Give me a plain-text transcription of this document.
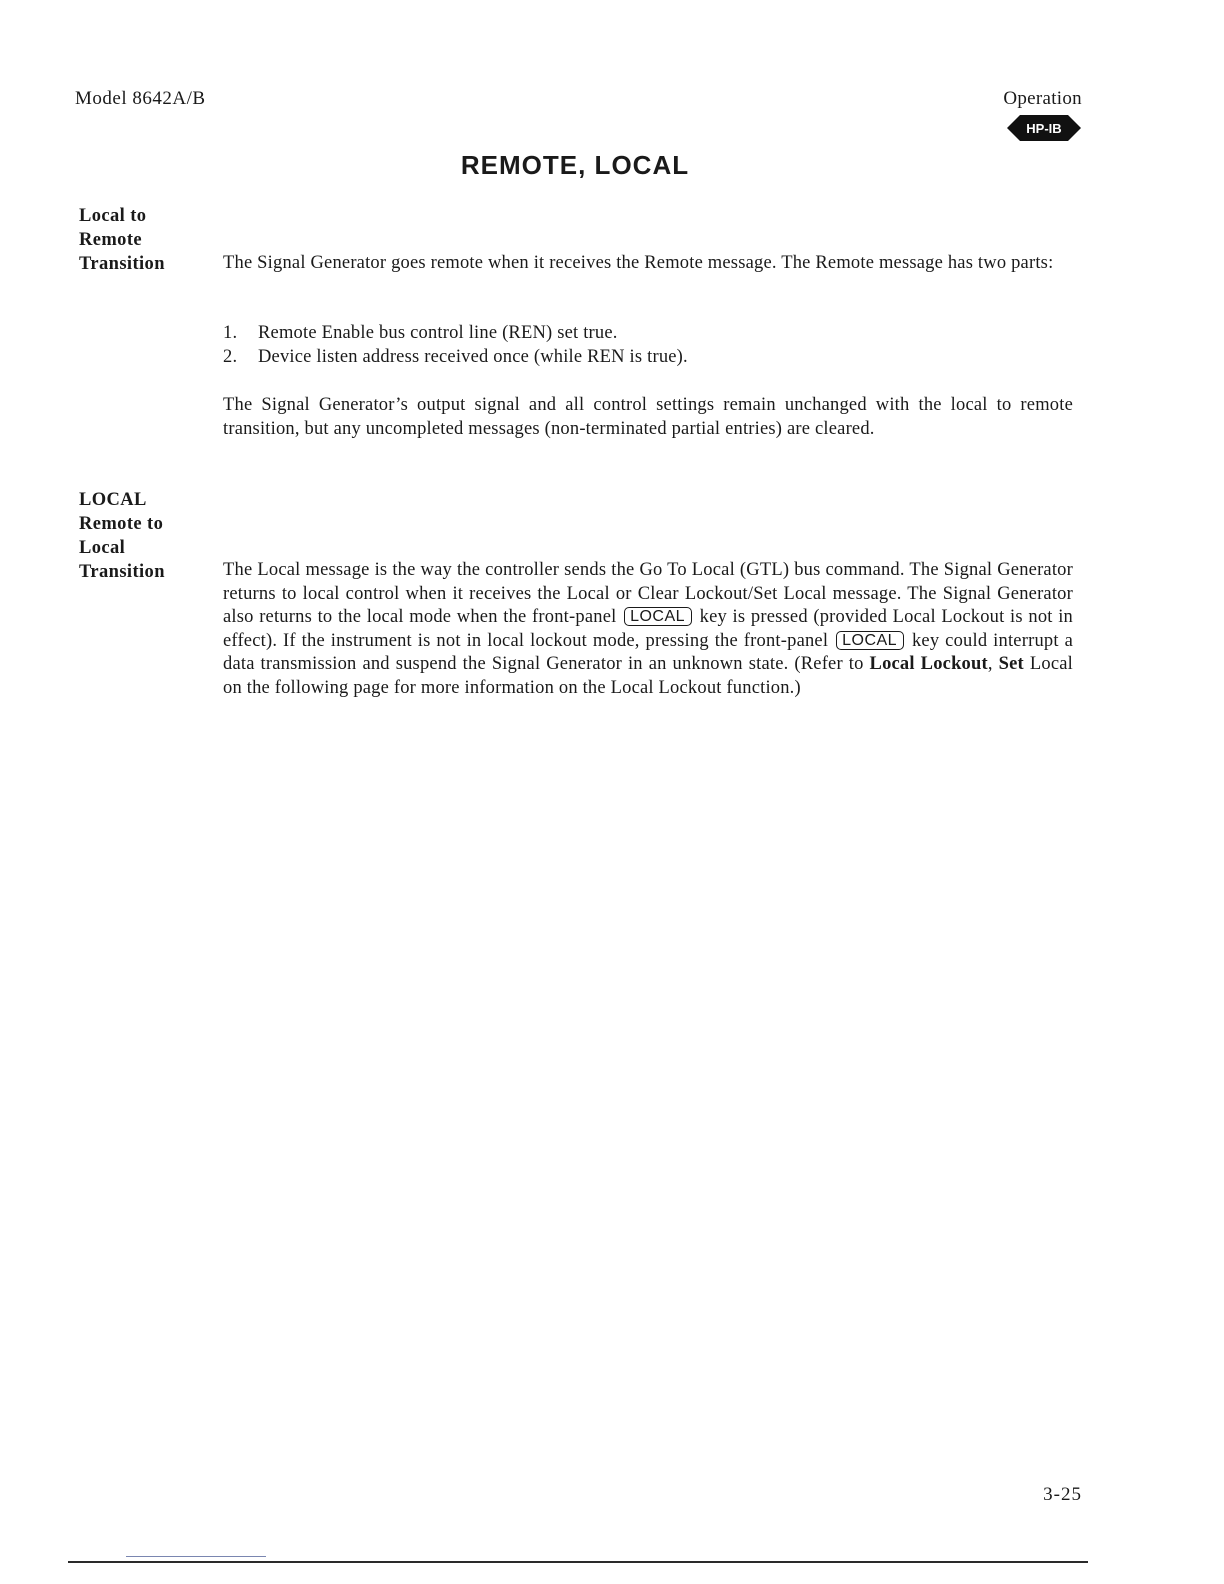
Model 8642A/B	Operation
HP-IB
REMOTE, LOCAL
Local to
Remote
Transition	The Signal Generator goes remote when it receives the Remote message. The Remote message has two parts:
1.	Remote Enable bus control line (REN) set true.
2.	Device listen address received once (while REN is true).
The Signal Generator’s output signal and all control settings remain unchanged with the local to remote transition, but any uncompleted messages (non-terminated partial entries) are cleared.
LOCAL
Remote to
Local
Transition	The Local message is the way the controller sends the Go To Local (GTL) bus command. The Signal Generator returns to local control when it receives the Local or Clear Lockout/Set Local message. The Signal Generator also returns to the local mode when the front-panel LOCAL key is pressed (provided Local Lockout is not in effect). If the instrument is not in local lockout mode, pressing the front-panel LOCAL key could interrupt a data transmission and suspend the Signal Generator in an unknown state. (Refer to Local Lockout, Set Local on the following page for more information on the Local Lockout function.)
3-25
